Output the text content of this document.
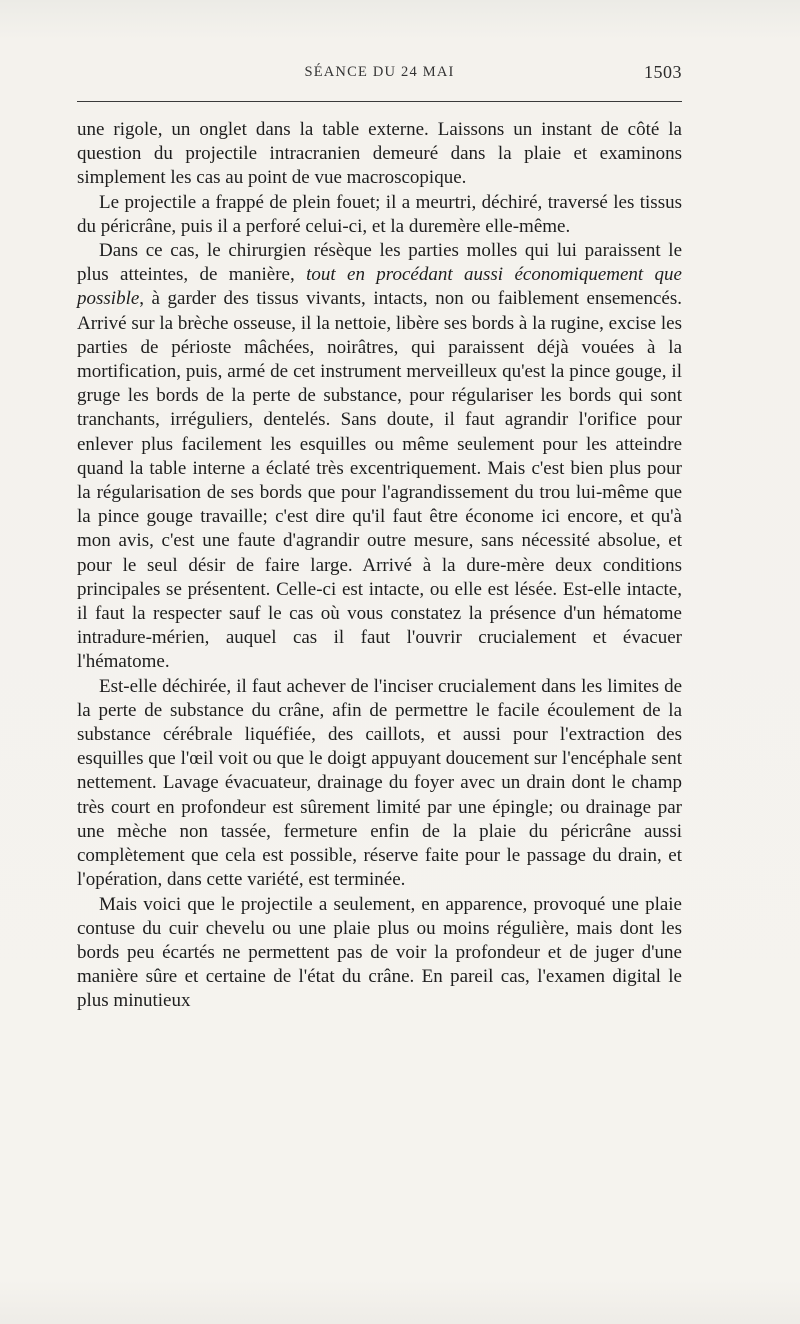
SÉANCE DU 24 MAI	1503

une rigole, un onglet dans la table externe. Laissons un instant de côté la question du projectile intracranien demeuré dans la plaie et examinons simplement les cas au point de vue macroscopique.

Le projectile a frappé de plein fouet; il a meurtri, déchiré, traversé les tissus du péricrâne, puis il a perforé celui-ci, et la duremère elle-même.

Dans ce cas, le chirurgien résèque les parties molles qui lui paraissent le plus atteintes, de manière, tout en procédant aussi économiquement que possible, à garder des tissus vivants, intacts, non ou faiblement ensemencés. Arrivé sur la brèche osseuse, il la nettoie, libère ses bords à la rugine, excise les parties de périoste mâchées, noirâtres, qui paraissent déjà vouées à la mortification, puis, armé de cet instrument merveilleux qu'est la pince gouge, il gruge les bords de la perte de substance, pour régulariser les bords qui sont tranchants, irréguliers, dentelés. Sans doute, il faut agrandir l'orifice pour enlever plus facilement les esquilles ou même seulement pour les atteindre quand la table interne a éclaté très excentriquement. Mais c'est bien plus pour la régularisation de ses bords que pour l'agrandissement du trou lui-même que la pince gouge travaille; c'est dire qu'il faut être économe ici encore, et qu'à mon avis, c'est une faute d'agrandir outre mesure, sans nécessité absolue, et pour le seul désir de faire large. Arrivé à la dure-mère deux conditions principales se présentent. Celle-ci est intacte, ou elle est lésée. Est-elle intacte, il faut la respecter sauf le cas où vous constatez la présence d'un hématome intradure-mérien, auquel cas il faut l'ouvrir crucialement et évacuer l'hématome.

Est-elle déchirée, il faut achever de l'inciser crucialement dans les limites de la perte de substance du crâne, afin de permettre le facile écoulement de la substance cérébrale liquéfiée, des caillots, et aussi pour l'extraction des esquilles que l'œil voit ou que le doigt appuyant doucement sur l'encéphale sent nettement. Lavage évacuateur, drainage du foyer avec un drain dont le champ très court en profondeur est sûrement limité par une épingle; ou drainage par une mèche non tassée, fermeture enfin de la plaie du péricrâne aussi complètement que cela est possible, réserve faite pour le passage du drain, et l'opération, dans cette variété, est terminée.

Mais voici que le projectile a seulement, en apparence, provoqué une plaie contuse du cuir chevelu ou une plaie plus ou moins régulière, mais dont les bords peu écartés ne permettent pas de voir la profondeur et de juger d'une manière sûre et certaine de l'état du crâne. En pareil cas, l'examen digital le plus minutieux
